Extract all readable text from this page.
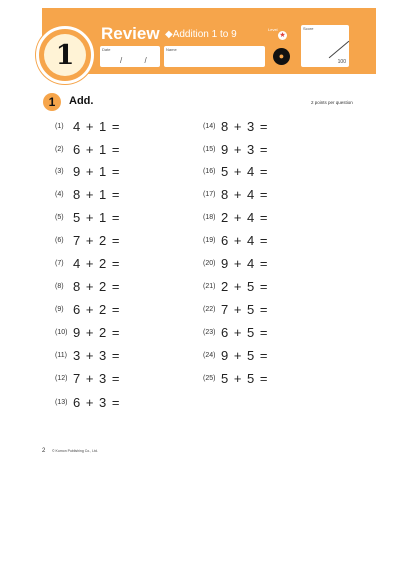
1
Review ◆Addition 1 to 9
Date
/ /
Name
Level
★
●
Score
100
1	Add.	2 points per question
(1) 4 + 1 =
(2) 6 + 1 =
(3) 9 + 1 =
(4) 8 + 1 =
(5) 5 + 1 =
(6) 7 + 2 =
(7) 4 + 2 =
(8) 8 + 2 =
(9) 6 + 2 =
(10) 9 + 2 =
(11) 3 + 3 =
(12) 7 + 3 =
(13) 6 + 3 =
(14) 8 + 3 =
(15) 9 + 3 =
(16) 5 + 4 =
(17) 8 + 4 =
(18) 2 + 4 =
(19) 6 + 4 =
(20) 9 + 4 =
(21) 2 + 5 =
(22) 7 + 5 =
(23) 6 + 5 =
(24) 9 + 5 =
(25) 5 + 5 =
2 © Kumon Publishing Co., Ltd.
